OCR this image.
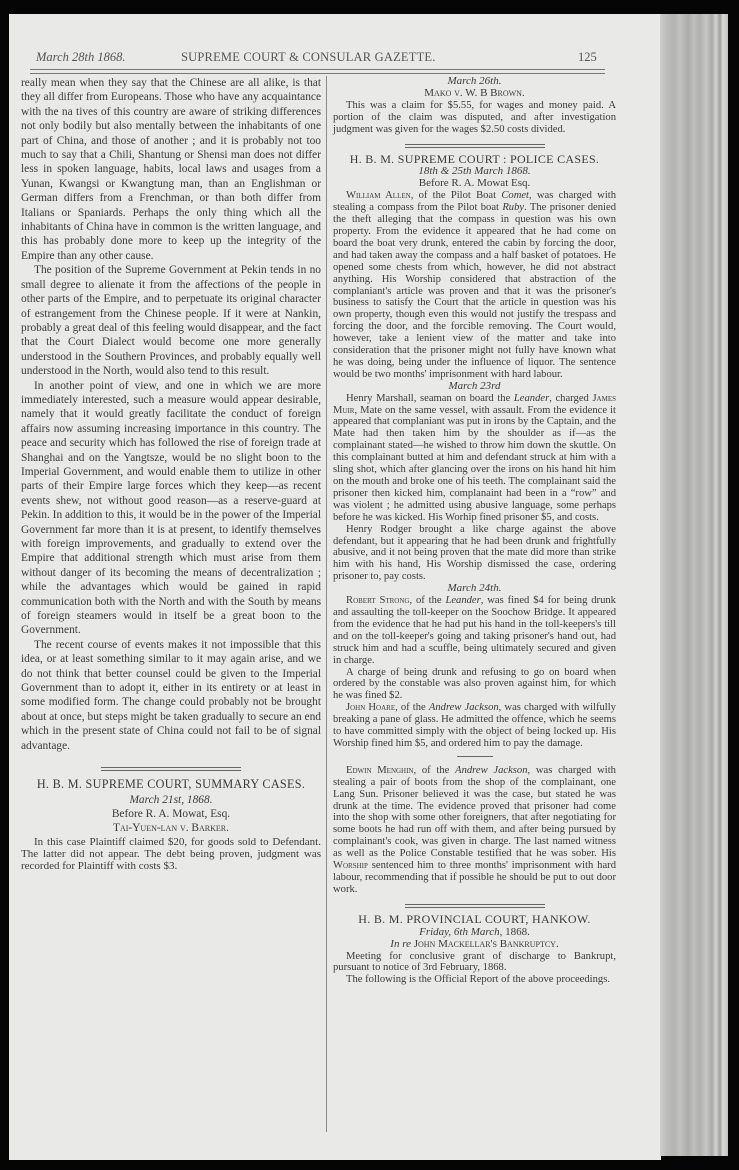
March 28th 1868.	SUPREME COURT & CONSULAR GAZETTE.	125

really mean when they say that the Chinese are all alike, is that they all differ from Europeans. Those who have any acquaintance with the na tives of this country are aware of striking differences not only bodily but also mentally between the inhabitants of one part of China, and those of another ; and it is probably not too much to say that a Chili, Shantung or Shensi man does not differ less in spoken language, habits, local laws and usages from a Yunan, Kwangsi or Kwangtung man, than an Englishman or German differs from a Frenchman, or than both differ from Italians or Spaniards. Perhaps the only thing which all the inhabitants of China have in common is the written language, and this has probably done more to keep up the integrity of the Empire than any other cause.

The position of the Supreme Government at Pekin tends in no small degree to alienate it from the affections of the people in other parts of the Empire, and to perpetuate its original character of estrangement from the Chinese people. If it were at Nankin, probably a great deal of this feeling would disappear, and the fact that the Court Dialect would become one more generally understood in the Southern Provinces, and probably equally well understood in the North, would also tend to this result.

In another point of view, and one in which we are more immediately interested, such a measure would appear desirable, namely that it would greatly facilitate the conduct of foreign affairs now assuming increasing importance in this country. The peace and security which has followed the rise of foreign trade at Shanghai and on the Yangtsze, would be no slight boon to the Imperial Government, and would enable them to utilize in other parts of their Empire large forces which they keep—as recent events shew, not without good reason—as a reserve-guard at Pekin. In addition to this, it would be in the power of the Imperial Government far more than it is at present, to identify themselves with foreign improvements, and gradually to extend over the Empire that additional strength which must arise from them without danger of its becoming the means of decentralization ; while the advantages which would be gained in rapid communication both with the North and with the South by means of foreign steamers would in itself be a great boon to the Government.

The recent course of events makes it not impossible that this idea, or at least something similar to it may again arise, and we do not think that better counsel could be given to the Imperial Government than to adopt it, either in its entirety or at least in some modified form. The change could probably not be brought about at once, but steps might be taken gradually to secure an end which in the present state of China could not fail to be of signal advantage.

H. B. M. SUPREME COURT, SUMMARY CASES.

March 21st, 1868.

Before R. A. Mowat, Esq.

Tai-Yuen-lan v. Barker.

In this case Plaintiff claimed $20, for goods sold to Defendant. The latter did not appear. The debt being proven, judgment was recorded for Plaintiff with costs $3.

March 26th.

Mako v. W. B Brown.

This was a claim for $5.55, for wages and money paid. A portion of the claim was disputed, and after investigation judgment was given for the wages $2.50 costs divided.

H. B. M. SUPREME COURT : POLICE CASES.

18th & 25th March 1868.

Before R. A. Mowat Esq.

William Allen, of the Pilot Boat Comet, was charged with stealing a compass from the Pilot boat Ruby. The prisoner denied the theft alleging that the compass in question was his own property. From the evidence it appeared that he had come on board the boat very drunk, entered the cabin by forcing the door, and had taken away the compass and a half basket of potatoes. He opened some chests from which, however, he did not abstract anything. His Worship considered that abstraction of the complaniant's article was proven and that it was the prisoner's business to satisfy the Court that the article in question was his own property, though even this would not justify the trespass and forcing the door, and the forcible removing. The Court would, however, take a lenient view of the matter and take into consideration that the prisoner might not fully have known what he was doing, being under the influence of liquor. The sentence would be two months' imprisonment with hard labour.

March 23rd

Henry Marshall, seaman on board the Leander, charged James Muir, Mate on the same vessel, with assault. From the evidence it appeared that complaniant was put in irons by the Captain, and the Mate had then taken him by the shoulder as if—as the complainant stated—he wished to throw him down the skuttle. On this complainant butted at him and defendant struck at him with a sling shot, which after glancing over the irons on his hand hit him on the mouth and broke one of his teeth. The complainant said the prisoner then kicked him, complanaint had been in a “row” and was violent ; he admitted using abusive language, some perhaps before he was kicked. His Worhip fined prisoner $5, and costs.

Henry Rodger brought a like charge against the above defendant, but it appearing that he had been drunk and frightfully abusive, and it not being proven that the mate did more than strike him with his hand, His Worship dismissed the case, ordering prisoner to, pay costs.

March 24th.

Robert Strong, of the Leander, was fined $4 for being drunk and assaulting the toll-keeper on the Soochow Bridge. It appeared from the evidence that he had put his hand in the toll-keepers's till and on the toll-keeper's going and taking prisoner's hand out, had struck him and had a scuffle, being ultimately secured and given in charge.

A charge of being drunk and refusing to go on board when ordered by the constable was also proven against him, for which he was fined $2.

John Hoare, of the Andrew Jackson, was charged with wilfully breaking a pane of glass. He admitted the offence, which he seems to have committed simply with the object of being locked up. His Worship fined him $5, and ordered him to pay the damage.

Edwin Menghin, of the Andrew Jackson, was charged with stealing a pair of boots from the shop of the complainant, one Lang Sun. Prisoner believed it was the case, but stated he was drunk at the time. The evidence proved that prisoner had come into the shop with some other foreigners, that after negotiating for some boots he had run off with them, and after being pursued by complainant's cook, was given in charge. The last named witness as well as the Police Constable testified that he was sober. His Worship sentenced him to three months' imprisonment with hard labour, recommending that if possible he should be put to out door work.

H. B. M. PROVINCIAL COURT, HANKOW.

Friday, 6th March, 1868.

In re John Mackellar's Bankruptcy.

Meeting for conclusive grant of discharge to Bankrupt, pursuant to notice of 3rd February, 1868.

The following is the Official Report of the above proceedings.
